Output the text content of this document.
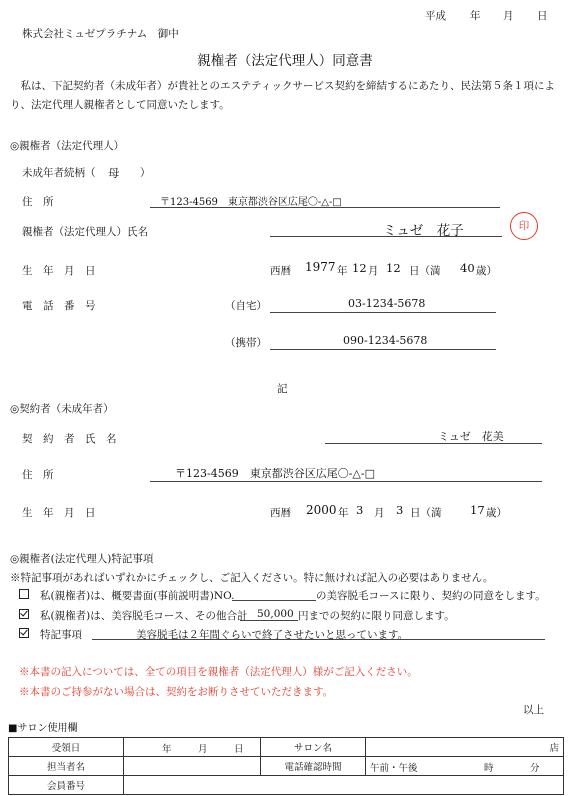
平成 年 月 日
株式会社ミュゼプラチナム　御中
親権者（法定代理人）同意書
私は、下記契約者（未成年者）が貴社とのエステティックサービス契約を締結するにあたり、民法第５条１項により、法定代理人親権者として同意いたします。
◎親権者（法定代理人）
未成年者続柄（ 母 ）
住　所	〒123-4569　東京都渋谷区広尾〇-△-□
親権者（法定代理人）氏名	ミュゼ　花子	印
生　年　月　日	西暦 1977 年 12 月 12 日（満 40 歳）
電　話　番　号	（自宅）	03-1234-5678
（携帯）	090-1234-5678
記
◎契約者（未成年者）
契　約　者　氏　名	ミュゼ　花美
住　所	〒123-4569　東京都渋谷区広尾〇-△-□
生　年　月　日	西暦 2000 年 3 月 3 日（満 17 歳）
◎親権者(法定代理人)特記事項
※特記事項があればいずれかにチェックし、ご記入ください。特に無ければ記入の必要はありません。
私(親権者)は、概要書面(事前説明書)NO.	の美容脱毛コースに限り、契約の同意をします。
私(親権者)は、美容脱毛コース、その他合計 50,000 円までの契約に限り同意します。
特記事項	美容脱毛は２年間ぐらいで終了させたいと思っています。
※本書の記入については、全ての項目を親権者（法定代理人）様がご記入ください。
※本書のご持参がない場合は、契約をお断りさせていただきます。
以上
■サロン使用欄
受領日	年 月 日	サロン名	店
担当者名		電話確認時間	午前・午後 時 分

会員番号			
